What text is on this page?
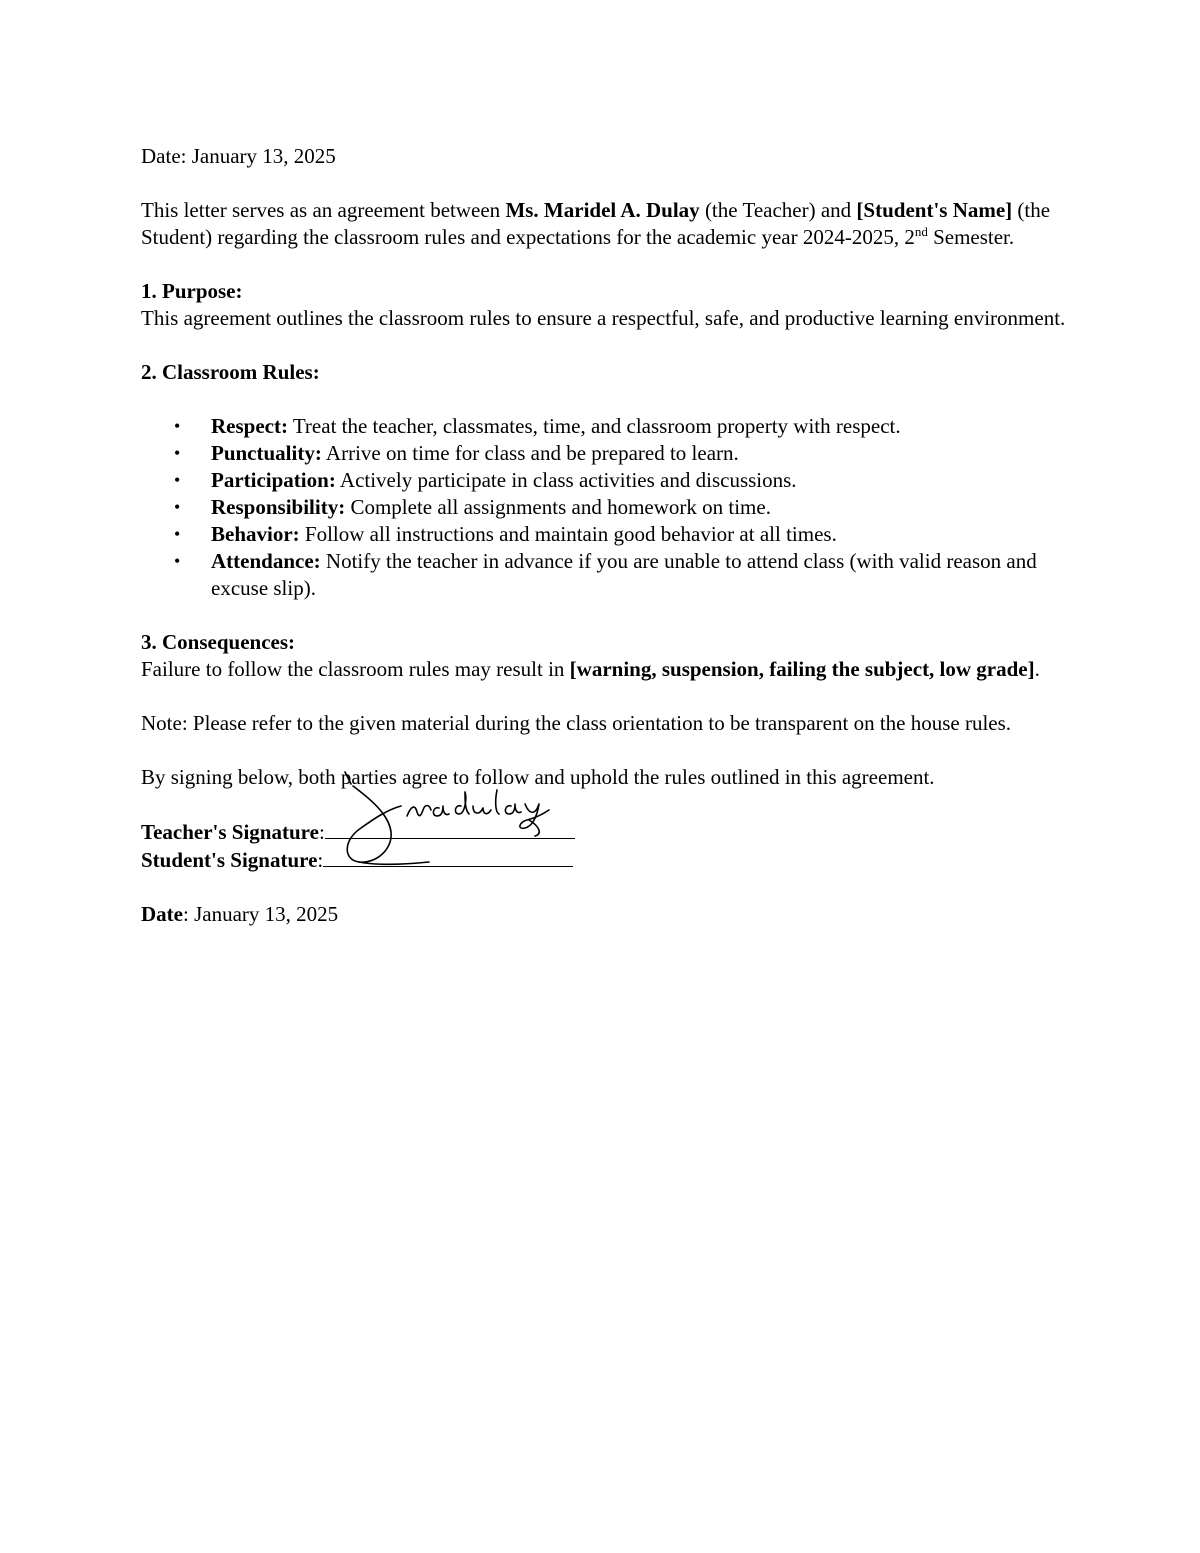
Date: January 13, 2025

This letter serves as an agreement between Ms. Maridel A. Dulay (the Teacher) and [Student's Name] (the Student) regarding the classroom rules and expectations for the academic year 2024-2025, 2nd Semester.

1. Purpose:

This agreement outlines the classroom rules to ensure a respectful, safe, and productive learning environment.

2. Classroom Rules:

• Respect: Treat the teacher, classmates, time, and classroom property with respect.
• Punctuality: Arrive on time for class and be prepared to learn.
• Participation: Actively participate in class activities and discussions.
• Responsibility: Complete all assignments and homework on time.
• Behavior: Follow all instructions and maintain good behavior at all times.
• Attendance: Notify the teacher in advance if you are unable to attend class (with valid reason and excuse slip).

3. Consequences:

Failure to follow the classroom rules may result in [warning, suspension, failing the subject, low grade].

Note: Please refer to the given material during the class orientation to be transparent on the house rules.

By signing below, both parties agree to follow and uphold the rules outlined in this agreement.

Teacher's Signature:

Student's Signature:

Date: January 13, 2025
